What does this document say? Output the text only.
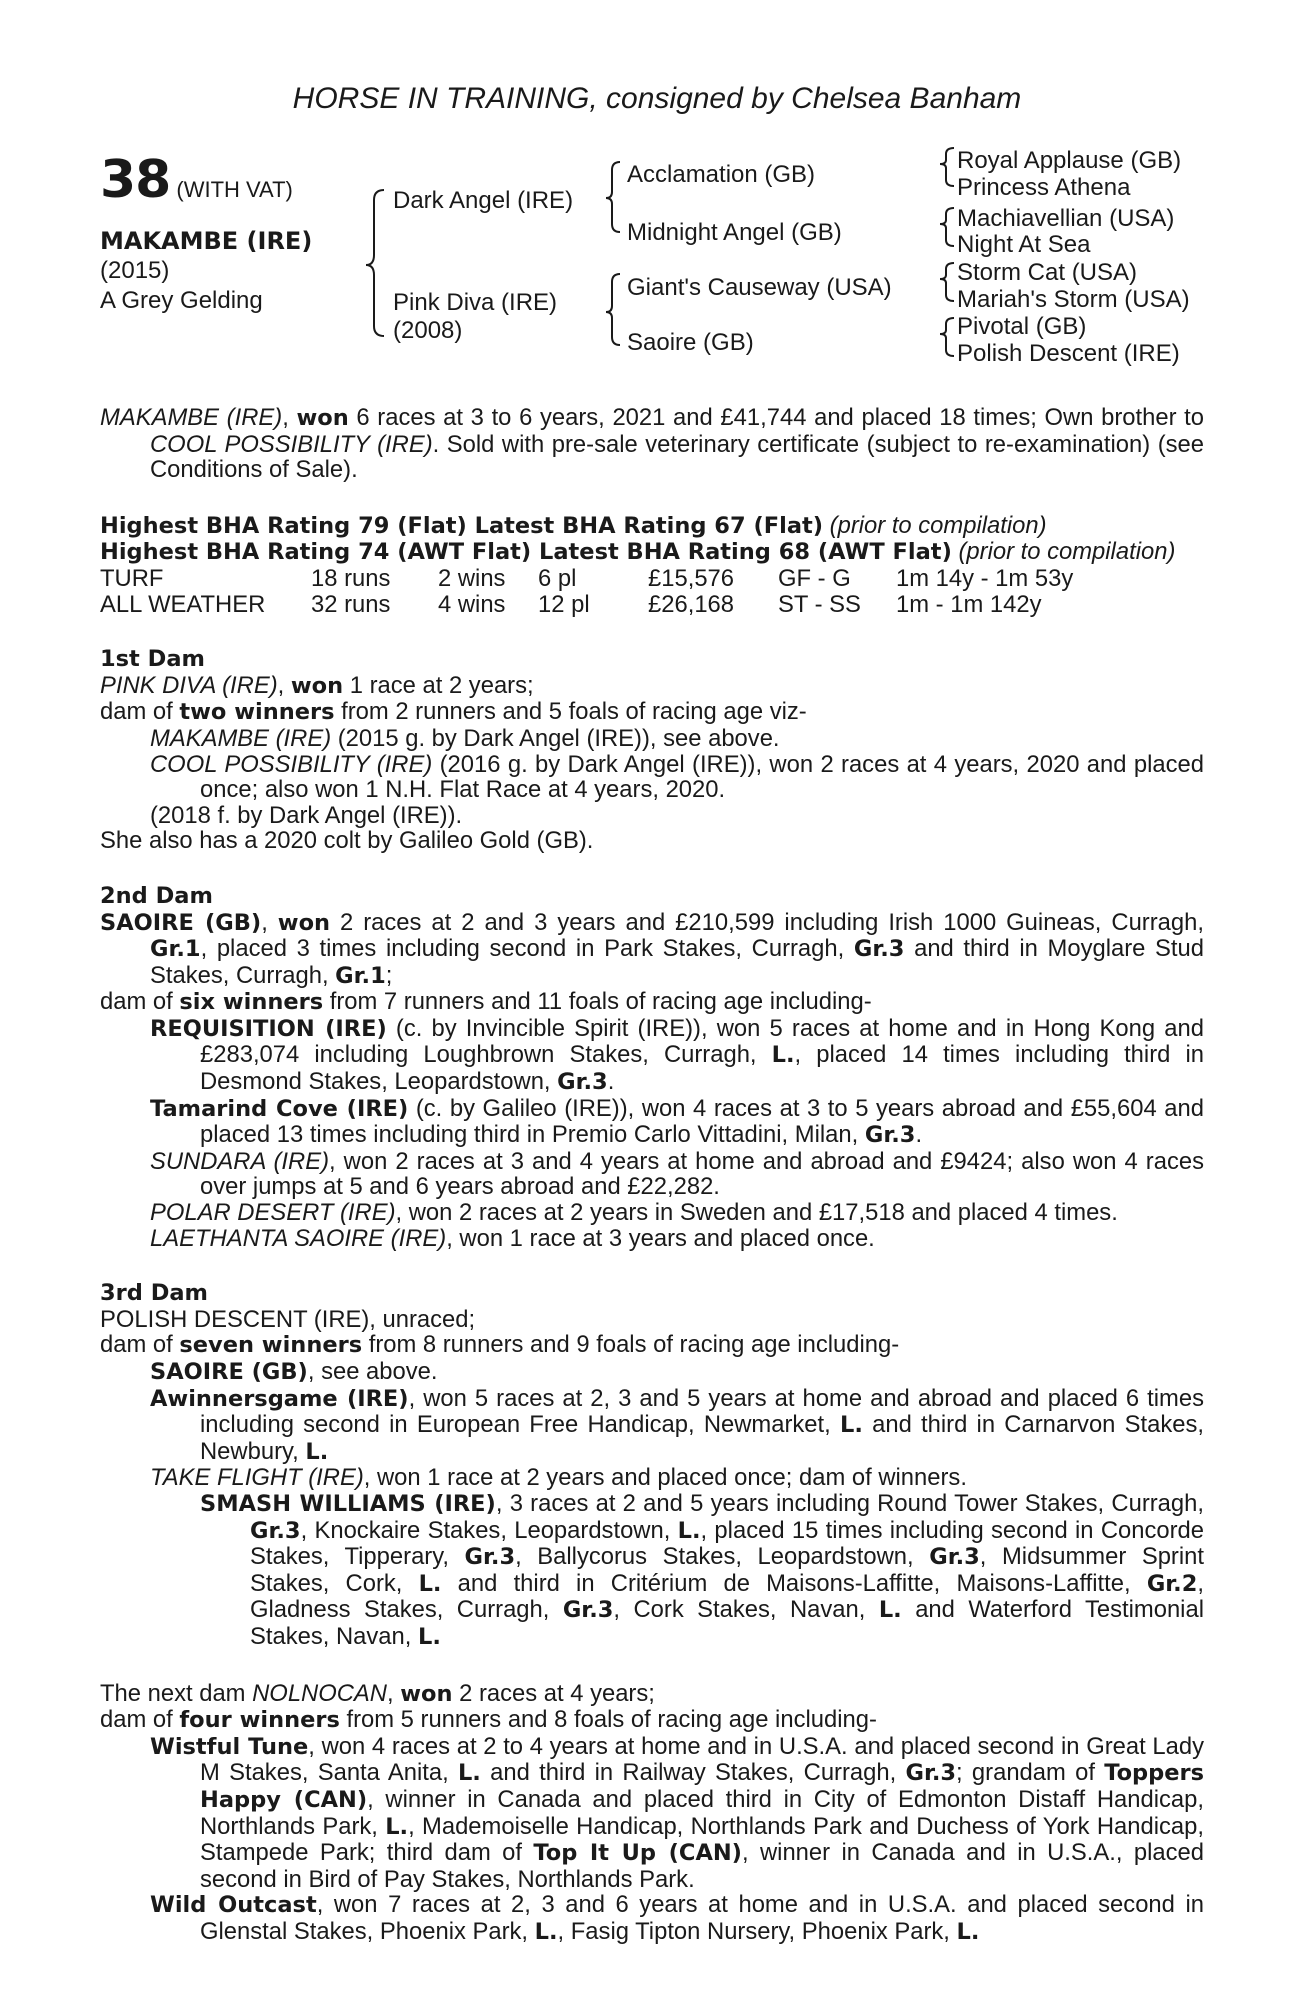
HORSE IN TRAINING, consigned by Chelsea Banham
38 (WITH VAT)
MAKAMBE (IRE)
(2015)
A Grey Gelding
Dark Angel (IRE)
Pink Diva (IRE)
(2008)
Acclamation (GB)
Midnight Angel (GB)
Giant's Causeway (USA)
Saoire (GB)
Royal Applause (GB)
Princess Athena
Machiavellian (USA)
Night At Sea
Storm Cat (USA)
Mariah's Storm (USA)
Pivotal (GB)
Polish Descent (IRE)

MAKAMBE (IRE), won 6 races at 3 to 6 years, 2021 and £41,744 and placed 18 times; Own brother to COOL POSSIBILITY (IRE). Sold with pre-sale veterinary certificate (subject to re-examination) (see Conditions of Sale).

Highest BHA Rating 79 (Flat) Latest BHA Rating 67 (Flat) (prior to compilation)

Highest BHA Rating 74 (AWT Flat) Latest BHA Rating 68 (AWT Flat) (prior to compilation)

TURF	18 runs	2 wins	6 pl	£15,576	GF - G	1m 14y - 1m 53y
ALL WEATHER	32 runs	4 wins	12 pl	£26,168	ST - SS	1m - 1m 142y

1st Dam

PINK DIVA (IRE), won 1 race at 2 years;

dam of two winners from 2 runners and 5 foals of racing age viz-

MAKAMBE (IRE) (2015 g. by Dark Angel (IRE)), see above.

COOL POSSIBILITY (IRE) (2016 g. by Dark Angel (IRE)), won 2 races at 4 years, 2020 and placed once; also won 1 N.H. Flat Race at 4 years, 2020.

(2018 f. by Dark Angel (IRE)).

She also has a 2020 colt by Galileo Gold (GB).

2nd Dam

SAOIRE (GB), won 2 races at 2 and 3 years and £210,599 including Irish 1000 Guineas, Curragh, Gr.1, placed 3 times including second in Park Stakes, Curragh, Gr.3 and third in Moyglare Stud Stakes, Curragh, Gr.1;

dam of six winners from 7 runners and 11 foals of racing age including-

REQUISITION (IRE) (c. by Invincible Spirit (IRE)), won 5 races at home and in Hong Kong and £283,074 including Loughbrown Stakes, Curragh, L., placed 14 times including third in Desmond Stakes, Leopardstown, Gr.3.

Tamarind Cove (IRE) (c. by Galileo (IRE)), won 4 races at 3 to 5 years abroad and £55,604 and placed 13 times including third in Premio Carlo Vittadini, Milan, Gr.3.

SUNDARA (IRE), won 2 races at 3 and 4 years at home and abroad and £9424; also won 4 races over jumps at 5 and 6 years abroad and £22,282.

POLAR DESERT (IRE), won 2 races at 2 years in Sweden and £17,518 and placed 4 times.

LAETHANTA SAOIRE (IRE), won 1 race at 3 years and placed once.

3rd Dam

POLISH DESCENT (IRE), unraced;

dam of seven winners from 8 runners and 9 foals of racing age including-

SAOIRE (GB), see above.

Awinnersgame (IRE), won 5 races at 2, 3 and 5 years at home and abroad and placed 6 times including second in European Free Handicap, Newmarket, L. and third in Carnarvon Stakes, Newbury, L.

TAKE FLIGHT (IRE), won 1 race at 2 years and placed once; dam of winners.

SMASH WILLIAMS (IRE), 3 races at 2 and 5 years including Round Tower Stakes, Curragh, Gr.3, Knockaire Stakes, Leopardstown, L., placed 15 times including second in Concorde Stakes, Tipperary, Gr.3, Ballycorus Stakes, Leopardstown, Gr.3, Midsummer Sprint Stakes, Cork, L. and third in Critérium de Maisons-Laffitte, Maisons-Laffitte, Gr.2, Gladness Stakes, Curragh, Gr.3, Cork Stakes, Navan, L. and Waterford Testimonial Stakes, Navan, L.

The next dam NOLNOCAN, won 2 races at 4 years;

dam of four winners from 5 runners and 8 foals of racing age including-

Wistful Tune, won 4 races at 2 to 4 years at home and in U.S.A. and placed second in Great Lady M Stakes, Santa Anita, L. and third in Railway Stakes, Curragh, Gr.3; grandam of Toppers Happy (CAN), winner in Canada and placed third in City of Edmonton Distaff Handicap, Northlands Park, L., Mademoiselle Handicap, Northlands Park and Duchess of York Handicap, Stampede Park; third dam of Top It Up (CAN), winner in Canada and in U.S.A., placed second in Bird of Pay Stakes, Northlands Park.

Wild Outcast, won 7 races at 2, 3 and 6 years at home and in U.S.A. and placed second in Glenstal Stakes, Phoenix Park, L., Fasig Tipton Nursery, Phoenix Park, L.
